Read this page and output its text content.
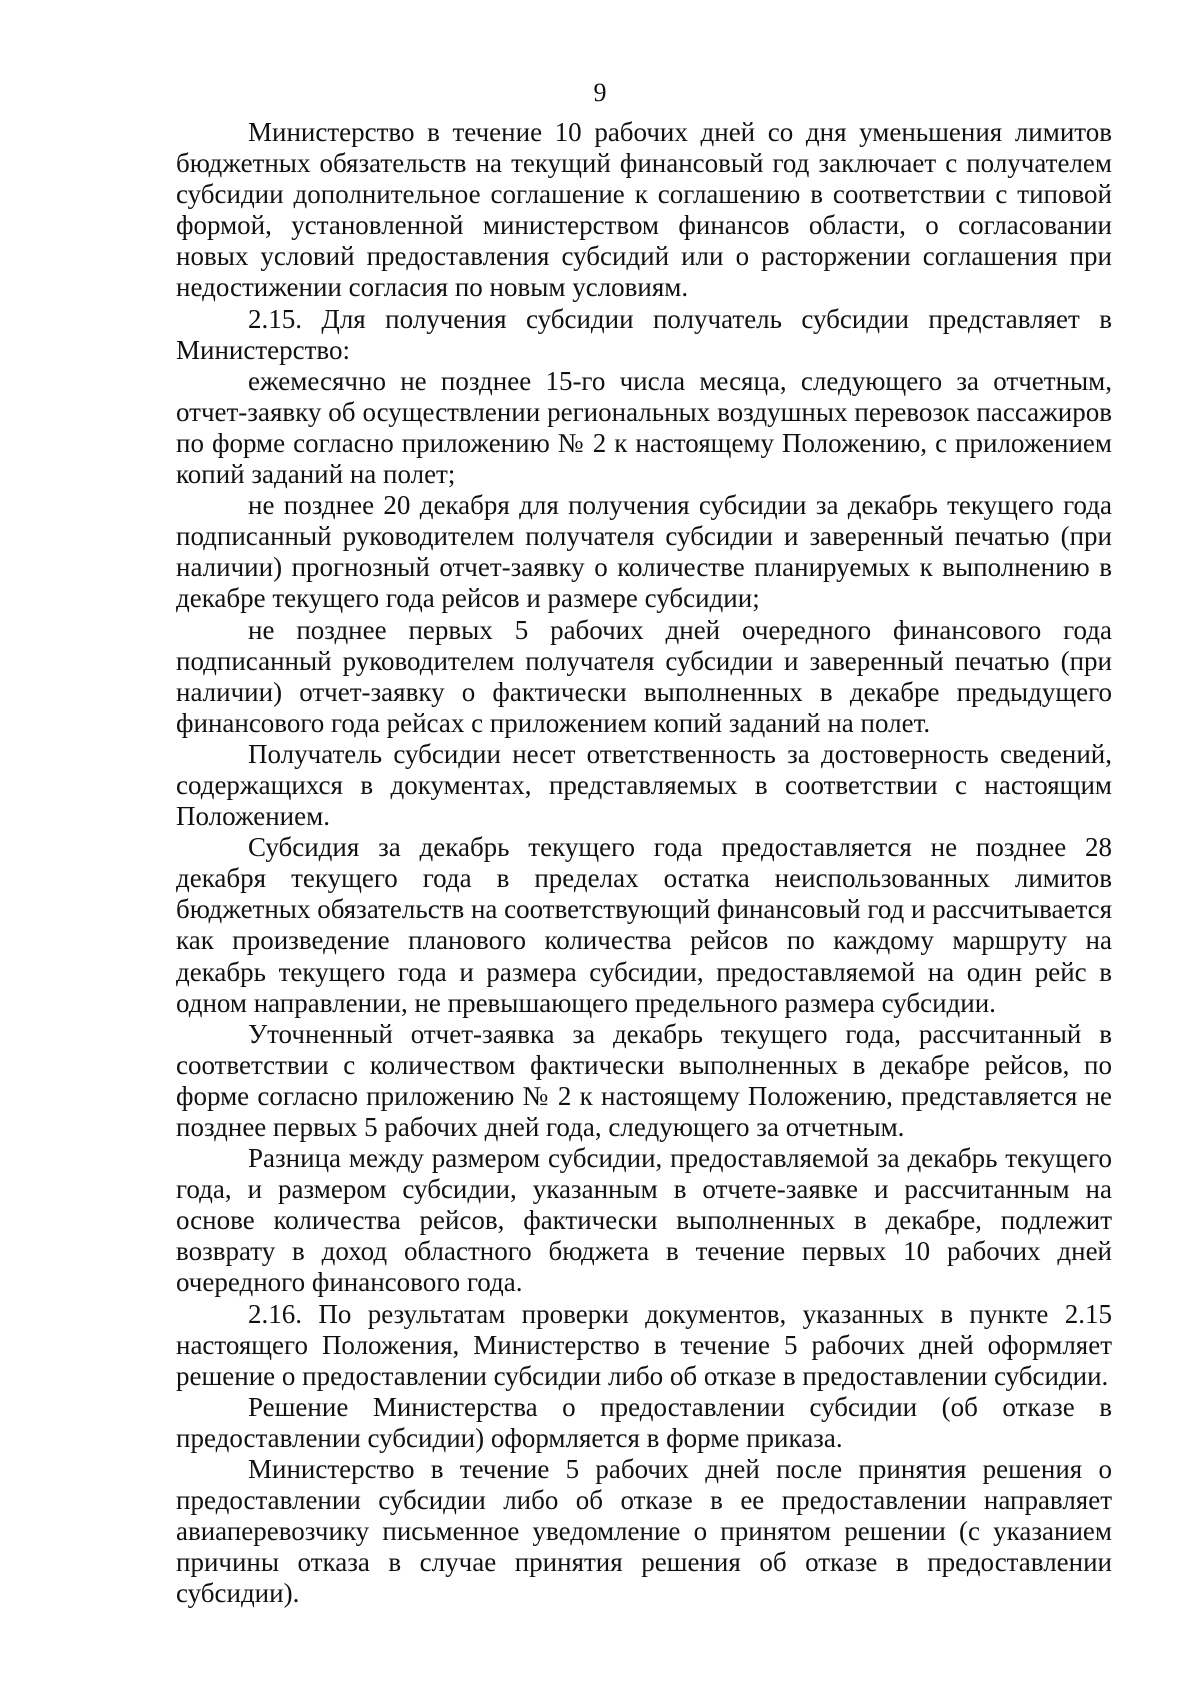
9

Министерство в течение 10 рабочих дней со дня уменьшения лимитов бюджетных обязательств на текущий финансовый год заключает с получателем субсидии дополнительное соглашение к соглашению в соответствии с типовой формой, установленной министерством финансов области, о согласовании новых условий предоставления субсидий или о расторжении соглашения при недостижении согласия по новым условиям.

2.15. Для получения субсидии получатель субсидии представляет в Министерство:

ежемесячно не позднее 15-го числа месяца, следующего за отчетным, отчет-заявку об осуществлении региональных воздушных перевозок пассажиров по форме согласно приложению № 2 к настоящему Положению, с приложением копий заданий на полет;

не позднее 20 декабря для получения субсидии за декабрь текущего года подписанный руководителем получателя субсидии и заверенный печатью (при наличии) прогнозный отчет-заявку о количестве планируемых к выполнению в декабре текущего года рейсов и размере субсидии;

не позднее первых 5 рабочих дней очередного финансового года подписанный руководителем получателя субсидии и заверенный печатью (при наличии) отчет-заявку о фактически выполненных в декабре предыдущего финансового года рейсах с приложением копий заданий на полет.

Получатель субсидии несет ответственность за достоверность сведений, содержащихся в документах, представляемых в соответствии с настоящим Положением.

Субсидия за декабрь текущего года предоставляется не позднее 28 декабря текущего года в пределах остатка неиспользованных лимитов бюджетных обязательств на соответствующий финансовый год и рассчитывается как произведение планового количества рейсов по каждому маршруту на декабрь текущего года и размера субсидии, предоставляемой на один рейс в одном направлении, не превышающего предельного размера субсидии.

Уточненный отчет-заявка за декабрь текущего года, рассчитанный в соответствии с количеством фактически выполненных в декабре рейсов, по форме согласно приложению № 2 к настоящему Положению, представляется не позднее первых 5 рабочих дней года, следующего за отчетным.

Разница между размером субсидии, предоставляемой за декабрь текущего года, и размером субсидии, указанным в отчете-заявке и рассчитанным на основе количества рейсов, фактически выполненных в декабре, подлежит возврату в доход областного бюджета в течение первых 10 рабочих дней очередного финансового года.

2.16. По результатам проверки документов, указанных в пункте 2.15 настоящего Положения, Министерство в течение 5 рабочих дней оформляет решение о предоставлении субсидии либо об отказе в предоставлении субсидии.

Решение Министерства о предоставлении субсидии (об отказе в предоставлении субсидии) оформляется в форме приказа.

Министерство в течение 5 рабочих дней после принятия решения о предоставлении субсидии либо об отказе в ее предоставлении направляет авиаперевозчику письменное уведомление о принятом решении (с указанием причины отказа в случае принятия решения об отказе в предоставлении субсидии).
